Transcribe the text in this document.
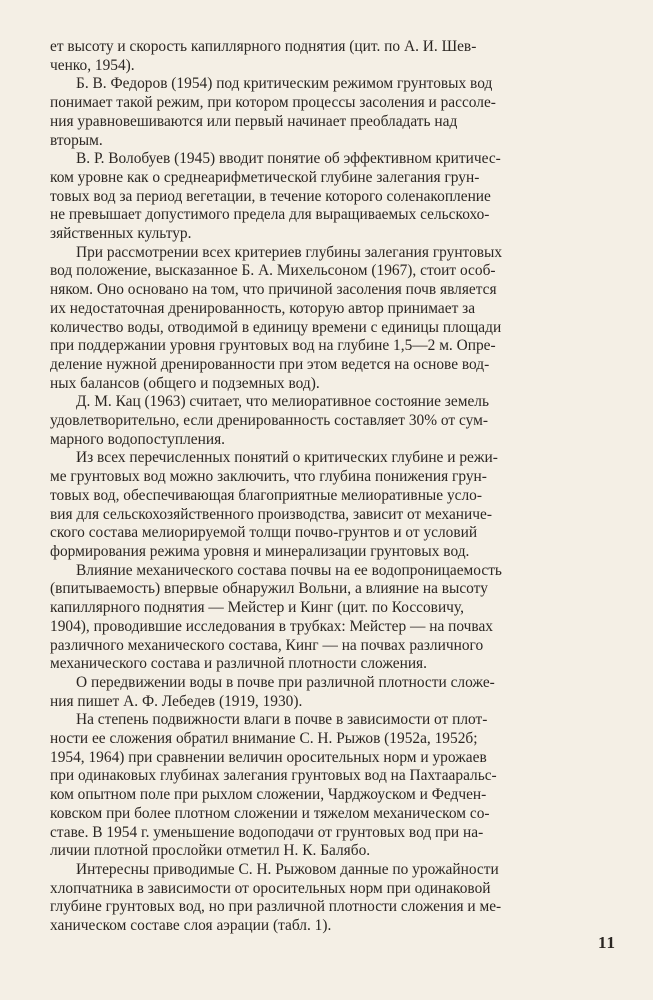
ет высоту и скорость капиллярного поднятия (цит. по А. И. Шев-
ченко, 1954).

Б. В. Федоров (1954) под критическим режимом грунтовых вод
понимает такой режим, при котором процессы засоления и рассоле-
ния уравновешиваются или первый начинает преобладать над
вторым.

В. Р. Волобуев (1945) вводит понятие об эффективном критичес-
ком уровне как о среднеарифметической глубине залегания грун-
товых вод за период вегетации, в течение которого соленакопление
не превышает допустимого предела для выращиваемых сельскохо-
зяйственных культур.

При рассмотрении всех критериев глубины залегания грунтовых
вод положение, высказанное Б. А. Михельсоном (1967), стоит особ-
няком. Оно основано на том, что причиной засоления почв является
их недостаточная дренированность, которую автор принимает за
количество воды, отводимой в единицу времени с единицы площади
при поддержании уровня грунтовых вод на глубине 1,5—2 м. Опре-
деление нужной дренированности при этом ведется на основе вод-
ных балансов (общего и подземных вод).

Д. М. Кац (1963) считает, что мелиоративное состояние земель
удовлетворительно, если дренированность составляет 30% от сум-
марного водопоступления.

Из всех перечисленных понятий о критических глубине и режи-
ме грунтовых вод можно заключить, что глубина понижения грун-
товых вод, обеспечивающая благоприятные мелиоративные усло-
вия для сельскохозяйственного производства, зависит от механиче-
ского состава мелиорируемой толщи почво-грунтов и от условий
формирования режима уровня и минерализации грунтовых вод.

Влияние механического состава почвы на ее водопроницаемость
(впитываемость) впервые обнаружил Вольни, а влияние на высоту
капиллярного поднятия — Мейстер и Кинг (цит. по Коссовичу,
1904), проводившие исследования в трубках: Мейстер — на почвах
различного механического состава, Кинг — на почвах различного
механического состава и различной плотности сложения.

О передвижении воды в почве при различной плотности сложе-
ния пишет А. Ф. Лебедев (1919, 1930).

На степень подвижности влаги в почве в зависимости от плот-
ности ее сложения обратил внимание С. Н. Рыжов (1952а, 1952б;
1954, 1964) при сравнении величин оросительных норм и урожаев
при одинаковых глубинах залегания грунтовых вод на Пахтааральс-
ком опытном поле при рыхлом сложении, Чарджоуском и Федчен-
ковском при более плотном сложении и тяжелом механическом со-
ставе. В 1954 г. уменьшение водоподачи от грунтовых вод при на-
личии плотной прослойки отметил Н. К. Балябо.

Интересны приводимые С. Н. Рыжовом данные по урожайности
хлопчатника в зависимости от оросительных норм при одинаковой
глубине грунтовых вод, но при различной плотности сложения и ме-
ханическом составе слоя аэрации (табл. 1).

11
